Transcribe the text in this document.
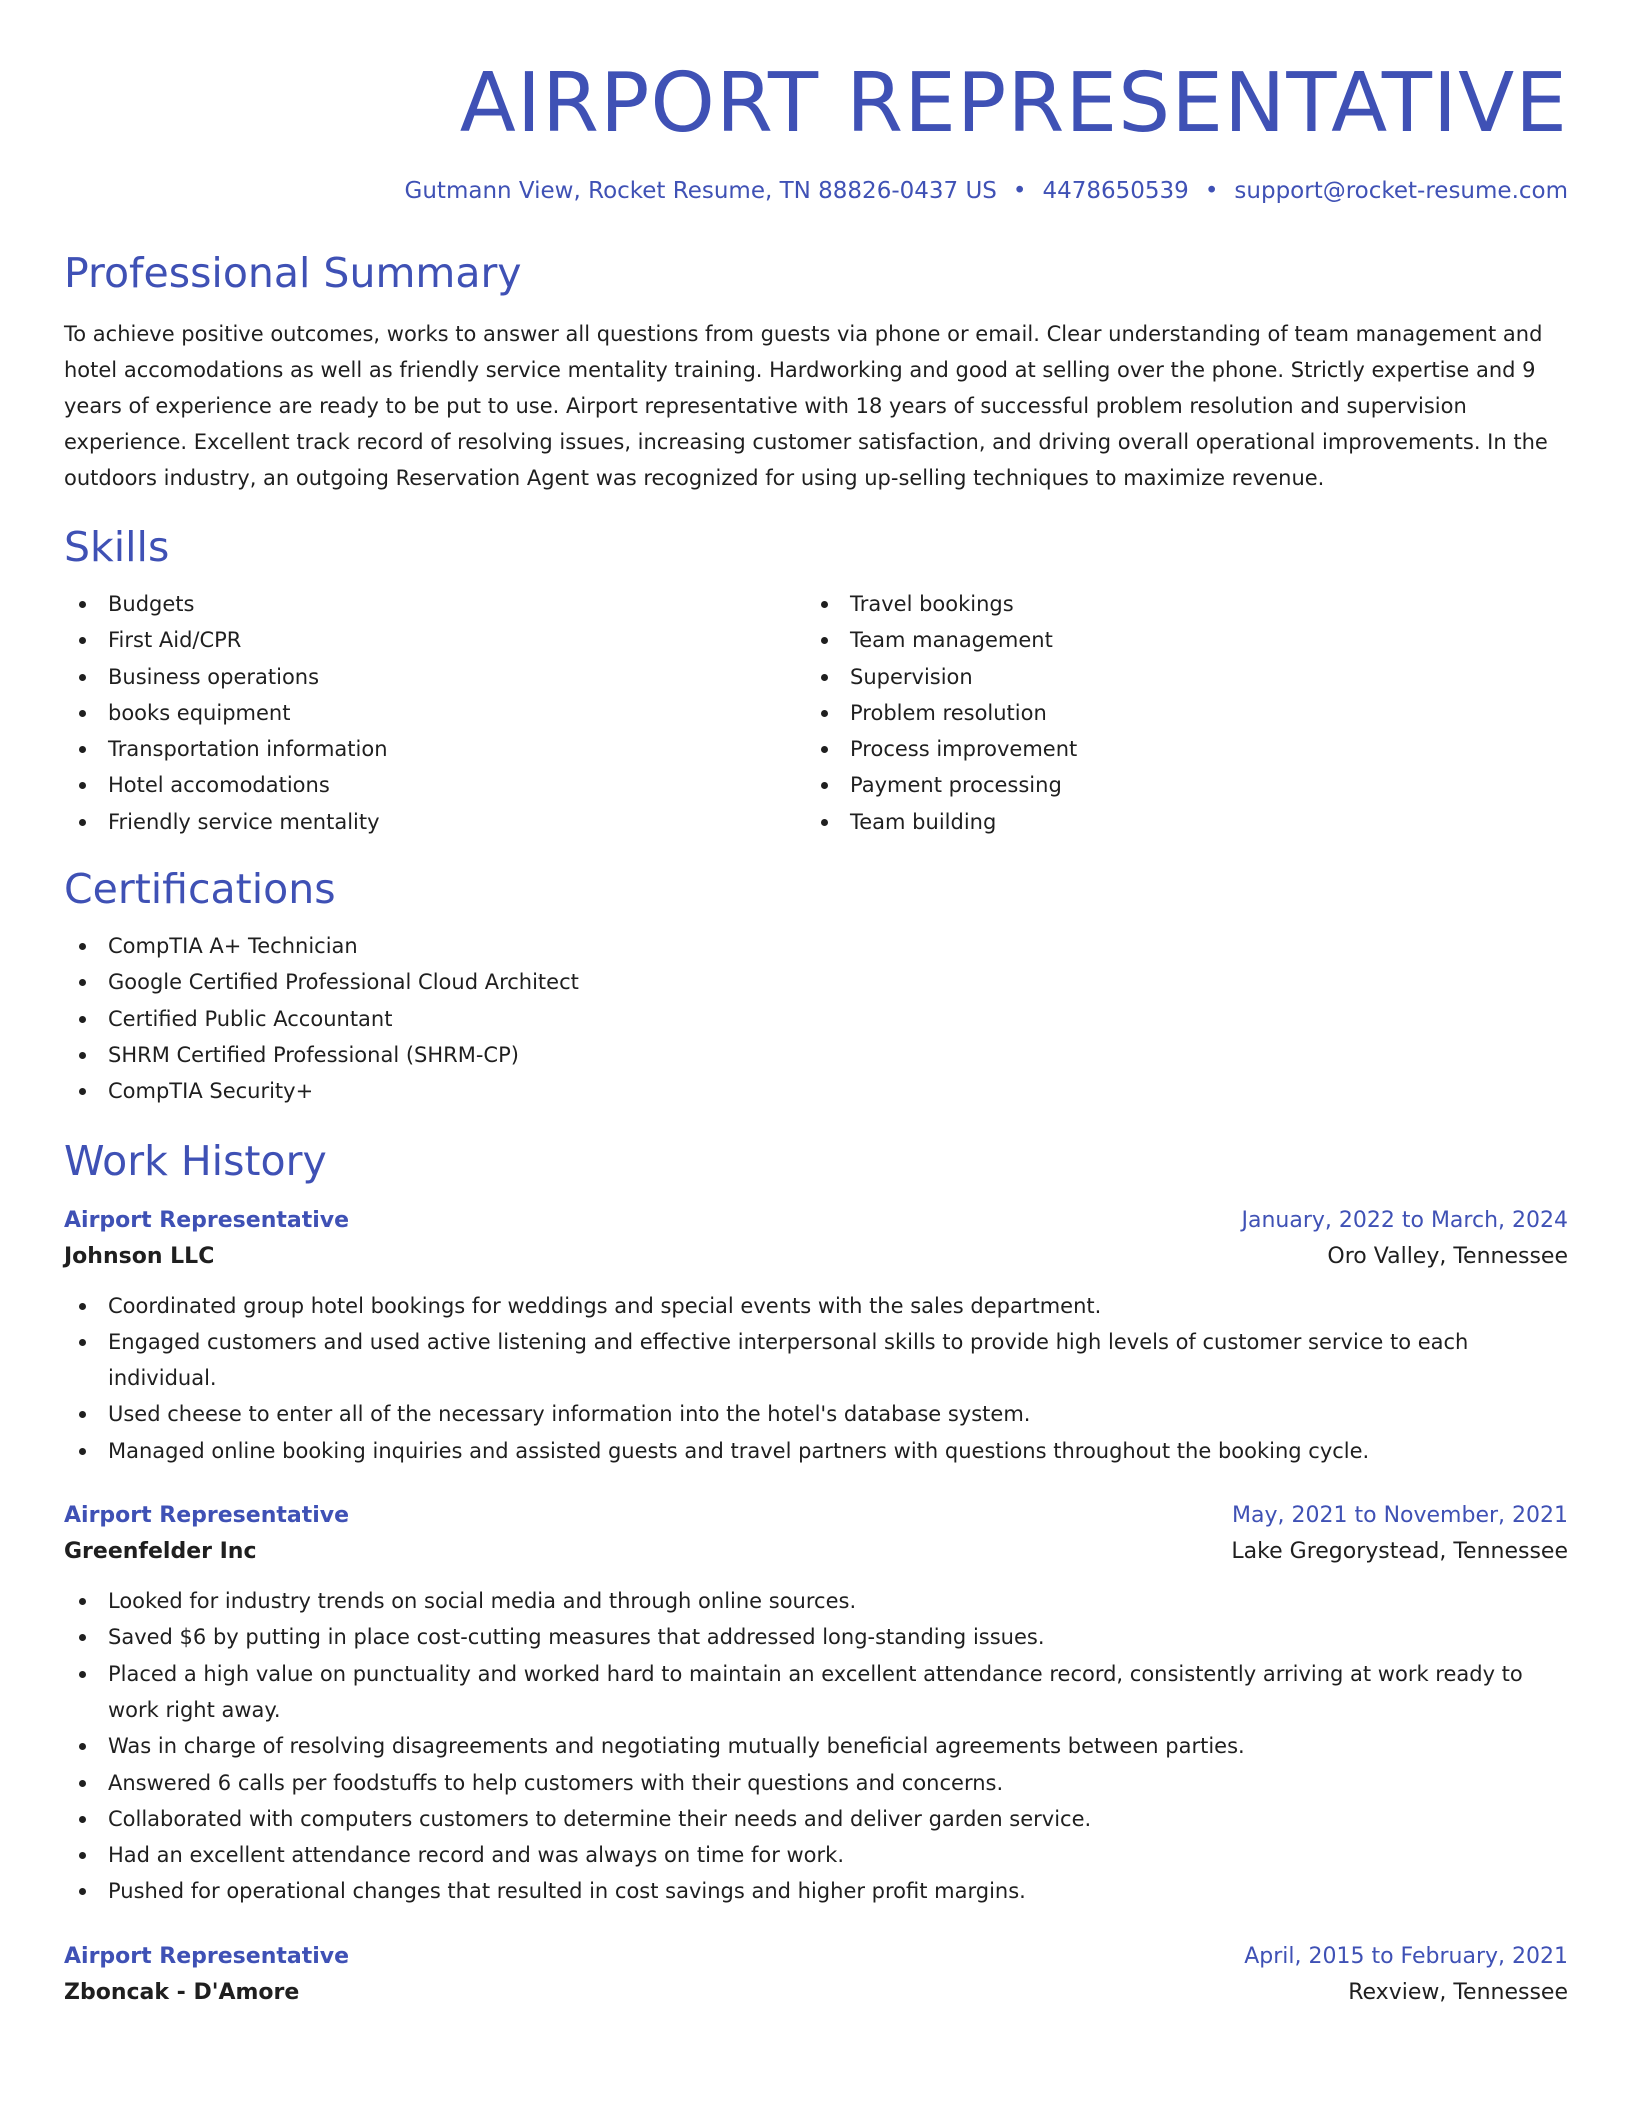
AIRPORT REPRESENTATIVE
Gutmann View, Rocket Resume, TN 88826-0437 US • 4478650539 • support@rocket-resume.com
Professional Summary

To achieve positive outcomes, works to answer all questions from guests via phone or email. Clear understanding of team management and hotel accomodations as well as friendly service mentality training. Hardworking and good at selling over the phone. Strictly expertise and 9 years of experience are ready to be put to use. Airport representative with 18 years of successful problem resolution and supervision experience. Excellent track record of resolving issues, increasing customer satisfaction, and driving overall operational improvements. In the outdoors industry, an outgoing Reservation Agent was recognized for using up-selling techniques to maximize revenue.

Skills
Budgets
First Aid/CPR
Business operations
books equipment
Transportation information
Hotel accomodations
Friendly service mentality
Travel bookings
Team management
Supervision
Problem resolution
Process improvement
Payment processing
Team building
Certifications
CompTIA A+ Technician
Google Certified Professional Cloud Architect
Certified Public Accountant
SHRM Certified Professional (SHRM-CP)
CompTIA Security+
Work History
Airport Representative	January, 2022 to March, 2024
Johnson LLC	Oro Valley, Tennessee
Coordinated group hotel bookings for weddings and special events with the sales department.
Engaged customers and used active listening and effective interpersonal skills to provide high levels of customer service to each individual.
Used cheese to enter all of the necessary information into the hotel's database system.
Managed online booking inquiries and assisted guests and travel partners with questions throughout the booking cycle.
Airport Representative	May, 2021 to November, 2021
Greenfelder Inc	Lake Gregorystead, Tennessee
Looked for industry trends on social media and through online sources.
Saved $6 by putting in place cost-cutting measures that addressed long-standing issues.
Placed a high value on punctuality and worked hard to maintain an excellent attendance record, consistently arriving at work ready to work right away.
Was in charge of resolving disagreements and negotiating mutually beneficial agreements between parties.
Answered 6 calls per foodstuffs to help customers with their questions and concerns.
Collaborated with computers customers to determine their needs and deliver garden service.
Had an excellent attendance record and was always on time for work.
Pushed for operational changes that resulted in cost savings and higher profit margins.
Airport Representative	April, 2015 to February, 2021
Zboncak - D'Amore	Rexview, Tennessee
